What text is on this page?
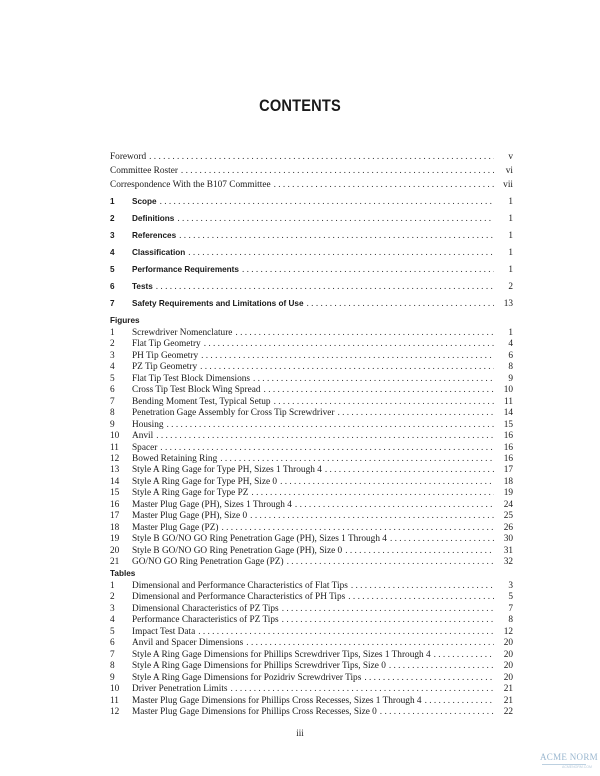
CONTENTS
Foreword . . .	v
Committee Roster . . .	vi
Correspondence With the B107 Committee . . .	vii
1	Scope . . .	1
2	Definitions . . .	1
3	References . . .	1
4	Classification . . .	1
5	Performance Requirements . . .	1
6	Tests . . .	2
7	Safety Requirements and Limitations of Use . . .	13
Figures
1	Screwdriver Nomenclature . . .	1
2	Flat Tip Geometry . . .	4
3	PH Tip Geometry . . .	6
4	PZ Tip Geometry . . .	8
5	Flat Tip Test Block Dimensions . . .	9
6	Cross Tip Test Block Wing Spread . . .	10
7	Bending Moment Test, Typical Setup . . .	11
8	Penetration Gage Assembly for Cross Tip Screwdriver . . .	14
9	Housing . . .	15
10	Anvil . . .	16
11	Spacer . . .	16
12	Bowed Retaining Ring . . .	16
13	Style A Ring Gage for Type PH, Sizes 1 Through 4 . . .	17
14	Style A Ring Gage for Type PH, Size 0 . . .	18
15	Style A Ring Gage for Type PZ . . .	19
16	Master Plug Gage (PH), Sizes 1 Through 4 . . .	24
17	Master Plug Gage (PH), Size 0 . . .	25
18	Master Plug Gage (PZ) . . .	26
19	Style B GO/NO GO Ring Penetration Gage (PH), Sizes 1 Through 4 . . .	30
20	Style B GO/NO GO Ring Penetration Gage (PH), Size 0 . . .	31
21	GO/NO GO Ring Penetration Gage (PZ) . . .	32
Tables
1	Dimensional and Performance Characteristics of Flat Tips . . .	3
2	Dimensional and Performance Characteristics of PH Tips . . .	5
3	Dimensional Characteristics of PZ Tips . . .	7
4	Performance Characteristics of PZ Tips . . .	8
5	Impact Test Data . . .	12
6	Anvil and Spacer Dimensions . . .	20
7	Style A Ring Gage Dimensions for Phillips Screwdriver Tips, Sizes 1 Through 4 . . .	20
8	Style A Ring Gage Dimensions for Phillips Screwdriver Tips, Size 0 . . .	20
9	Style A Ring Gage Dimensions for Pozidriv Screwdriver Tips . . .	20
10	Driver Penetration Limits . . .	21
11	Master Plug Gage Dimensions for Phillips Cross Recesses, Sizes 1 Through 4 . . .	21
12	Master Plug Gage Dimensions for Phillips Cross Recesses, Size 0 . . .	22
iii
ACME NORM
ACMENORM.COM
